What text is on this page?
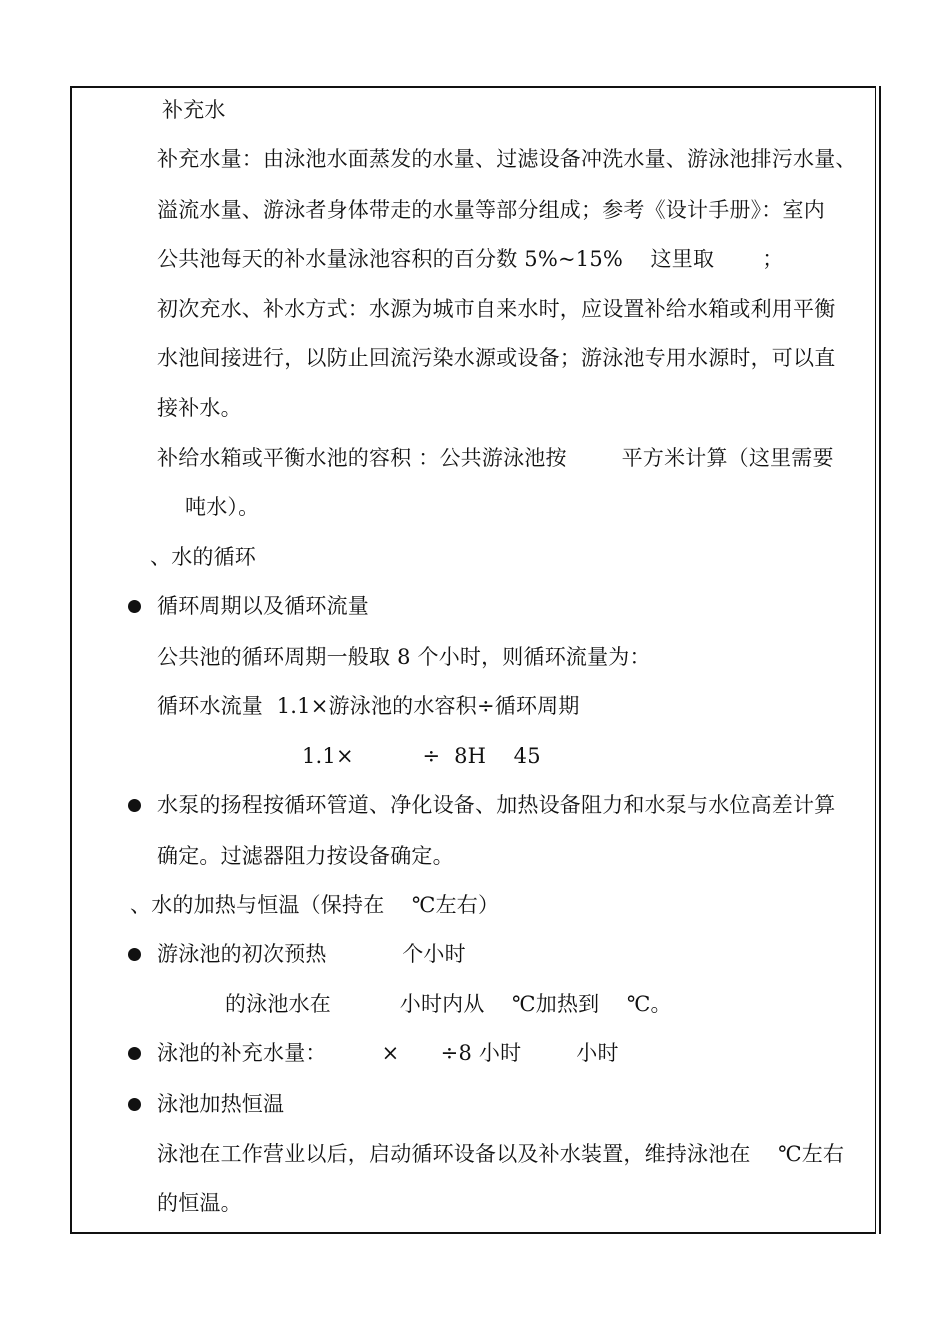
补充水
补充水量：由泳池水面蒸发的水量、过滤设备冲洗水量、游泳池排污水量、
溢流水量、游泳者身体带走的水量等部分组成；参考《设计手册》：室内
公共池每天的补水量泳池容积的百分数 5%~15%    这里取       ；
初次充水、补水方式：水源为城市自来水时，应设置补给水箱或利用平衡
水池间接进行，以防止回流污染水源或设备；游泳池专用水源时，可以直
接补水。
补给水箱或平衡水池的容积 ：公共游泳池按        平方米计算（这里需要
吨水）。
、水的循环
循环周期以及循环流量
公共池的循环周期一般取 8 个小时，则循环流量为：
循环水流量  1.1×游泳池的水容积÷循环周期
1.1×          ÷  8H    45
水泵的扬程按循环管道、净化设备、加热设备阻力和水泵与水位高差计算
确定。过滤器阻力按设备确定。
、水的加热与恒温（保持在    ℃左右）
游泳池的初次预热           个小时
的泳池水在          小时内从    ℃加热到    ℃。
泳池的补充水量：        ×      ÷8 小时        小时
泳池加热恒温
泳池在工作营业以后，启动循环设备以及补水装置，维持泳池在    ℃左右
的恒温。
